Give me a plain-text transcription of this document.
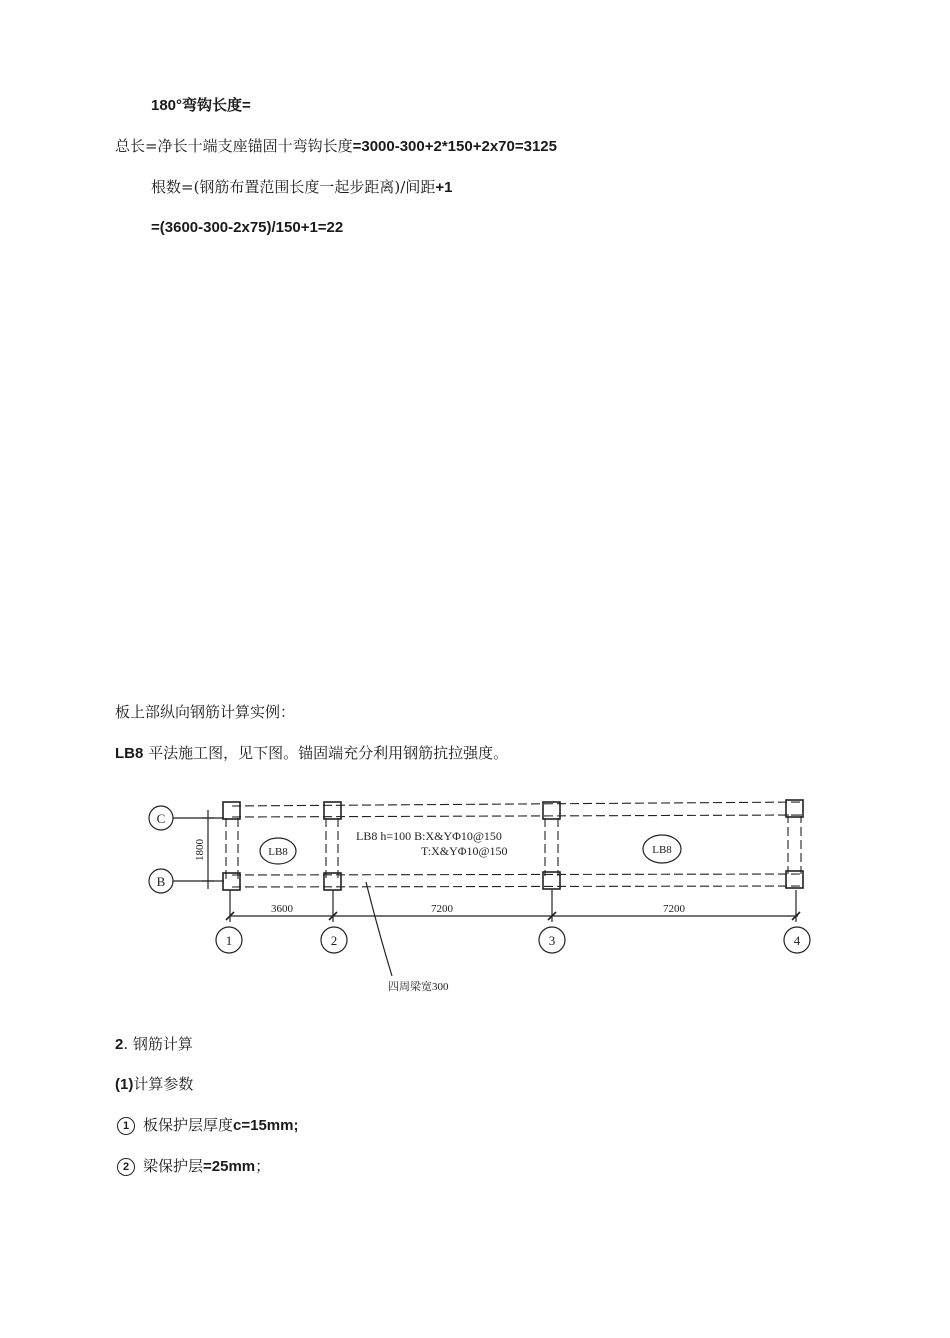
180°弯钩长度=
总长=净长十端支座锚固十弯钩长度=3000-300+2*150+2x70=3125
根数=(钢筋布置范围长度一起步距离)/间距+1
=(3600-300-2x75)/150+1=22
板上部纵向钢筋计算实例：
LB8 平法施工图，见下图。锚固端充分利用钢筋抗拉强度。
C
B
1	2	3	4
1800
3600	7200	7200
LB8	LB8
LB8 h=100 B:X&YΦ10@150
T:X&YΦ10@150
四周梁宽300
2. 钢筋计算
(1)计算参数
1 板保护层厚度c=15mm;
2 梁保护层=25mm；
